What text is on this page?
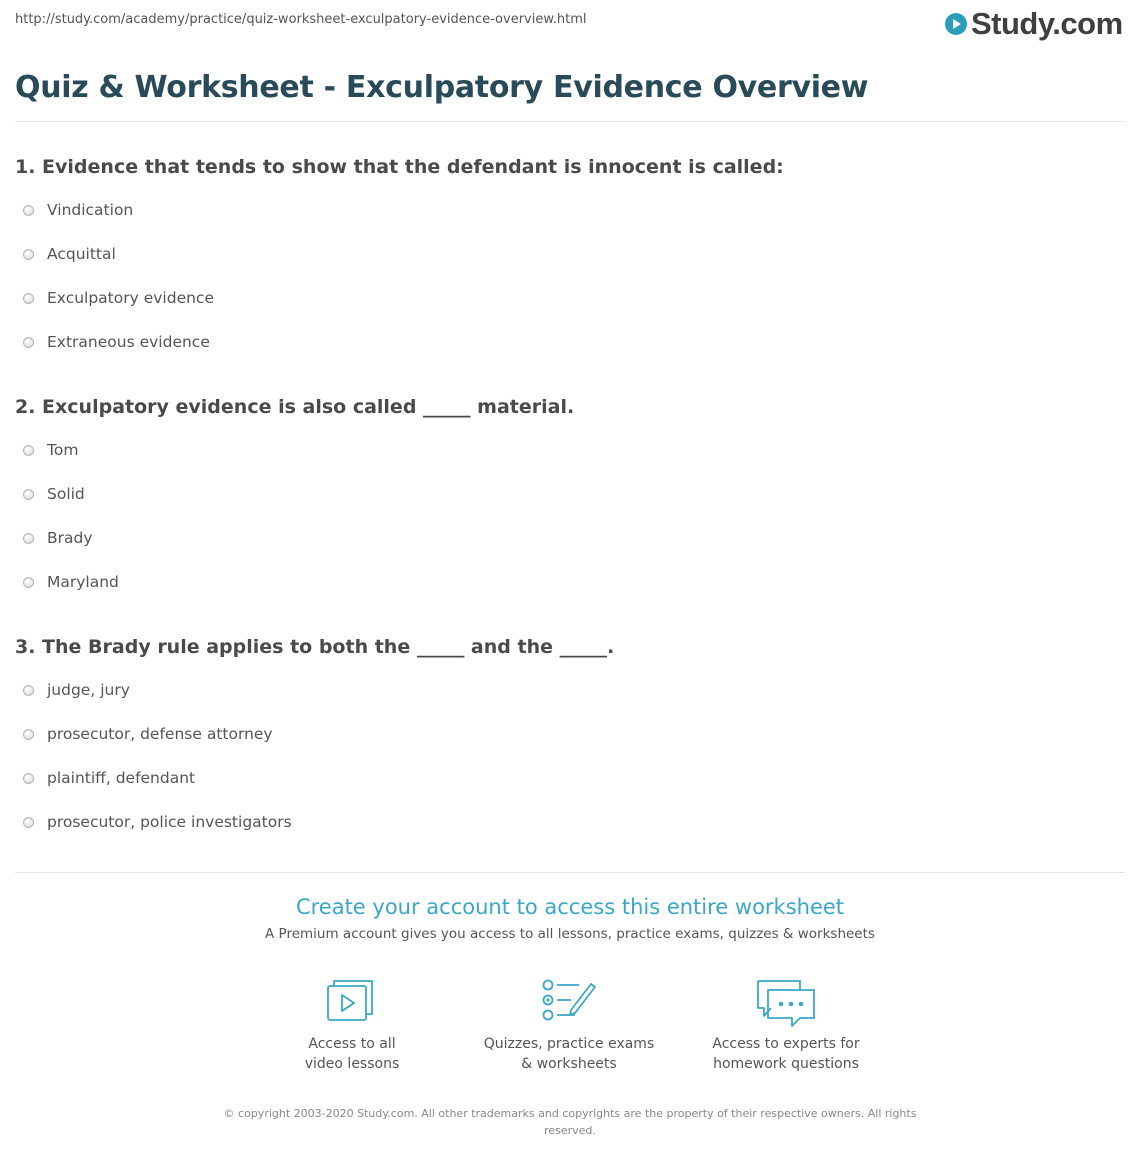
http://study.com/academy/practice/quiz-worksheet-exculpatory-evidence-overview.html	Study.com
Quiz & Worksheet - Exculpatory Evidence Overview
1. Evidence that tends to show that the defendant is innocent is called:
Vindication
Acquittal
Exculpatory evidence
Extraneous evidence
2. Exculpatory evidence is also called _____ material.
Tom
Solid
Brady
Maryland
3. The Brady rule applies to both the _____ and the _____.
judge, jury
prosecutor, defense attorney
plaintiff, defendant
prosecutor, police investigators
Create your account to access this entire worksheet
A Premium account gives you access to all lessons, practice exams, quizzes & worksheets
Access to all
video lessons
Quizzes, practice exams
& worksheets
Access to experts for
homework questions
© copyright 2003-2020 Study.com. All other trademarks and copyrights are the property of their respective owners. All rights reserved.
